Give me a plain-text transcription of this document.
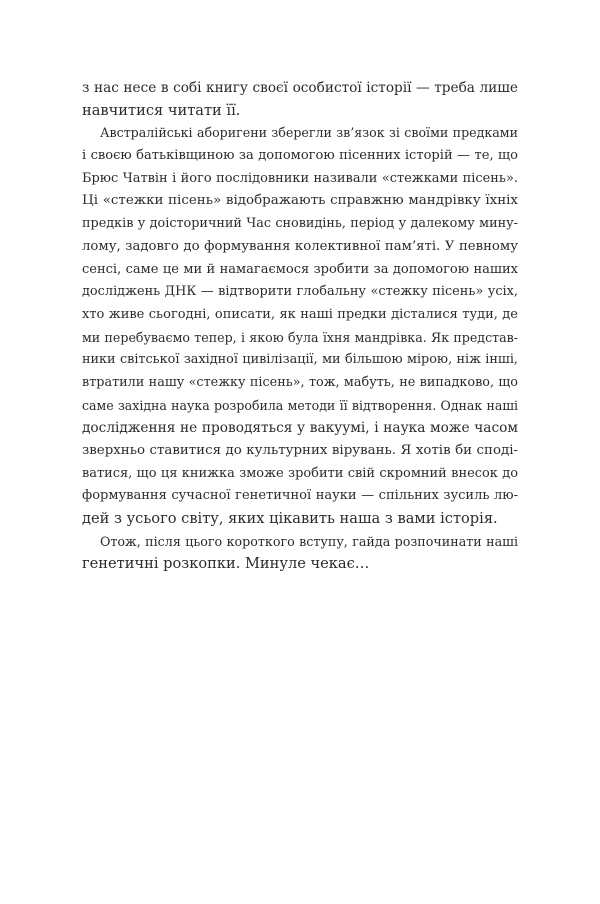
з нас несе в собі книгу своєї особистої історії — треба лише
навчитися читати її.
Австралійські аборигени зберегли зв’язок зі своїми предками
і своєю батьківщиною за допомогою пісенних історій — те, що
Брюс Чатвін і його послідовники називали «стежками пісень».
Ці «стежки пісень» відображають справжню мандрівку їхніх
предків у доісторичний Час сновидінь, період у далекому мину-
лому, задовго до формування колективної пам’яті. У певному
сенсі, саме це ми й намагаємося зробити за допомогою наших
досліджень ДНК — відтворити глобальну «стежку пісень» усіх,
хто живе сьогодні, описати, як наші предки дісталися туди, де
ми перебуваємо тепер, і якою була їхня мандрівка. Як представ-
ники світської західної цивілізації, ми більшою мірою, ніж інші,
втратили нашу «стежку пісень», тож, мабуть, не випадково, що
саме західна наука розробила методи її відтворення. Однак наші
дослідження не проводяться у вакуумі, і наука може часом
зверхньо ставитися до культурних вірувань. Я хотів би споді-
ватися, що ця книжка зможе зробити свій скромний внесок до
формування сучасної генетичної науки — спільних зусиль лю-
дей з усього світу, яких цікавить наша з вами історія.
Отож, після цього короткого вступу, гайда розпочинати наші
генетичні розкопки. Минуле чекає…
